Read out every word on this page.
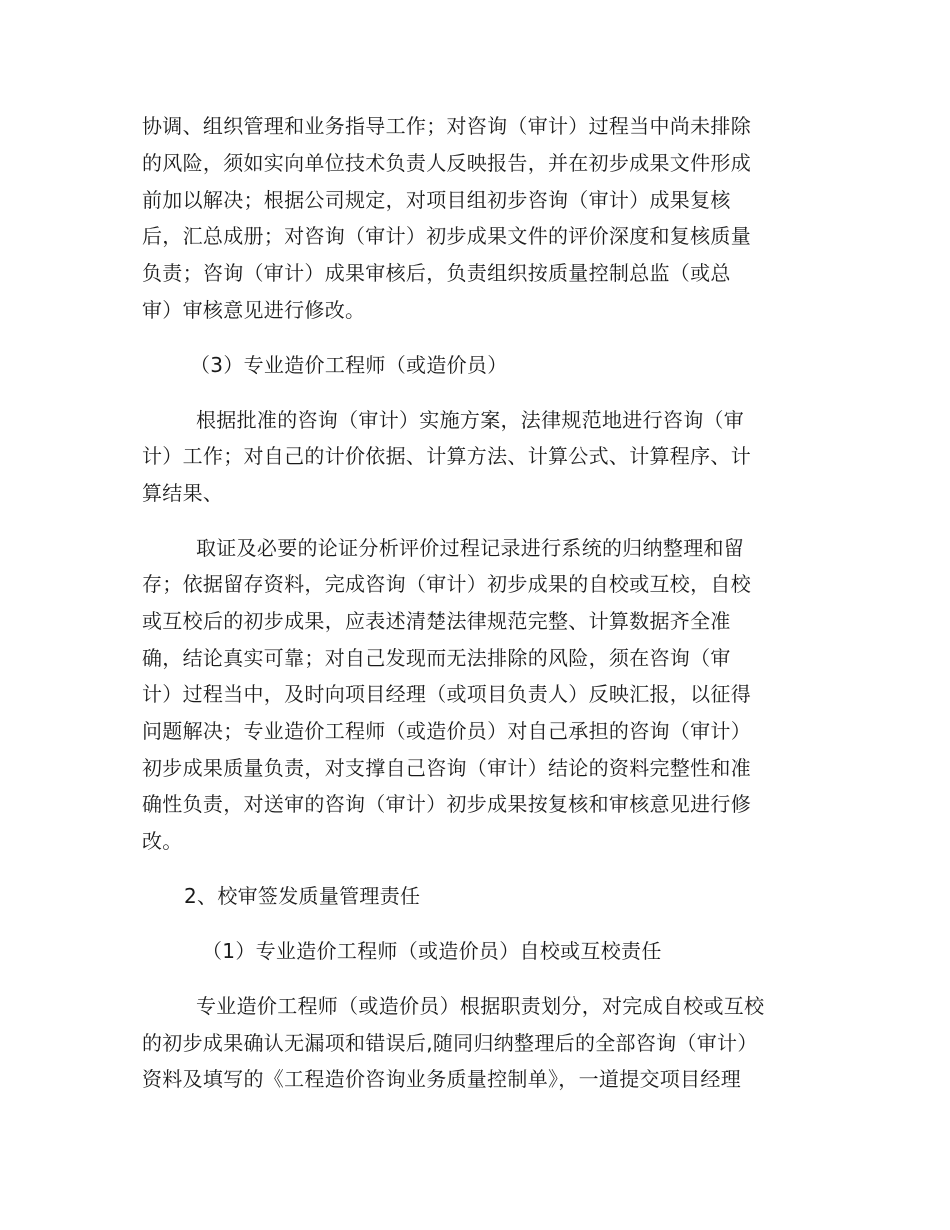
协调、组织管理和业务指导工作；对咨询（审计）过程当中尚未排除
的风险，须如实向单位技术负责人反映报告，并在初步成果文件形成
前加以解决；根据公司规定，对项目组初步咨询（审计）成果复核
后，汇总成册；对咨询（审计）初步成果文件的评价深度和复核质量
负责；咨询（审计）成果审核后，负责组织按质量控制总监（或总
审）审核意见进行修改。
（3）专业造价工程师（或造价员）
根据批准的咨询（审计）实施方案，法律规范地进行咨询（审
计）工作；对自己的计价依据、计算方法、计算公式、计算程序、计
算结果、
取证及必要的论证分析评价过程记录进行系统的归纳整理和留
存；依据留存资料，完成咨询（审计）初步成果的自校或互校，自校
或互校后的初步成果，应表述清楚法律规范完整、计算数据齐全准
确，结论真实可靠；对自己发现而无法排除的风险，须在咨询（审
计）过程当中，及时向项目经理（或项目负责人）反映汇报，以征得
问题解决；专业造价工程师（或造价员）对自己承担的咨询（审计）
初步成果质量负责，对支撑自己咨询（审计）结论的资料完整性和准
确性负责，对送审的咨询（审计）初步成果按复核和审核意见进行修
改。
2、校审签发质量管理责任
（1）专业造价工程师（或造价员）自校或互校责任
专业造价工程师（或造价员）根据职责划分，对完成自校或互校
的初步成果确认无漏项和错误后,随同归纳整理后的全部咨询（审计）
资料及填写的《工程造价咨询业务质量控制单》，一道提交项目经理
